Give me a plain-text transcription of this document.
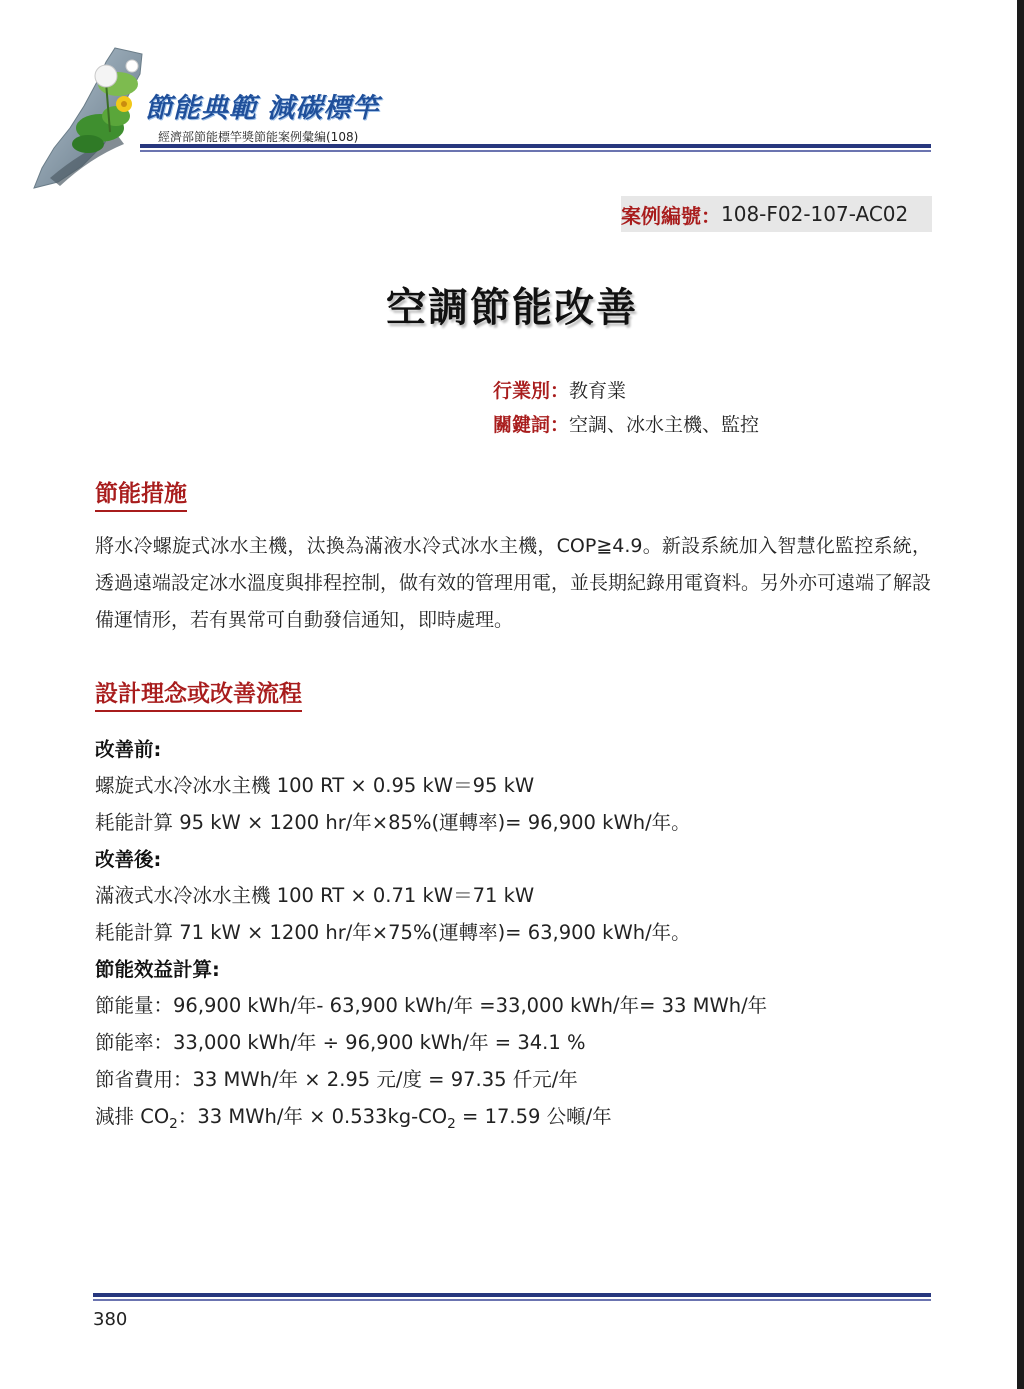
節能典範 減碳標竿
經濟部節能標竿獎節能案例彙編(108)
案例編號： 108-F02-107-AC02
空調節能改善
行業別：教育業
關鍵詞：空調、冰水主機、監控
節能措施

將水冷螺旋式冰水主機，汰換為滿液水冷式冰水主機，COP≧4.9。新設系統加入智慧化監控系統，透過遠端設定冰水溫度與排程控制，做有效的管理用電，並長期紀錄用電資料。另外亦可遠端了解設備運情形，若有異常可自動發信通知，即時處理。

設計理念或改善流程
改善前:
螺旋式水冷冰水主機 100 RT × 0.95 kW＝95 kW
耗能計算 95 kW × 1200 hr/年×85%(運轉率)= 96,900 kWh/年。
改善後:
滿液式水冷冰水主機 100 RT × 0.71 kW＝71 kW
耗能計算 71 kW × 1200 hr/年×75%(運轉率)= 63,900 kWh/年。
節能效益計算:
節能量：96,900 kWh/年- 63,900 kWh/年 =33,000 kWh/年= 33 MWh/年
節能率：33,000 kWh/年 ÷ 96,900 kWh/年 = 34.1 %
節省費用：33 MWh/年 × 2.95 元/度 = 97.35 仟元/年
減排 $CO_2$：33 MWh/年 × $0.533kg-CO_2 = 17.59$ 公噸/年
380
